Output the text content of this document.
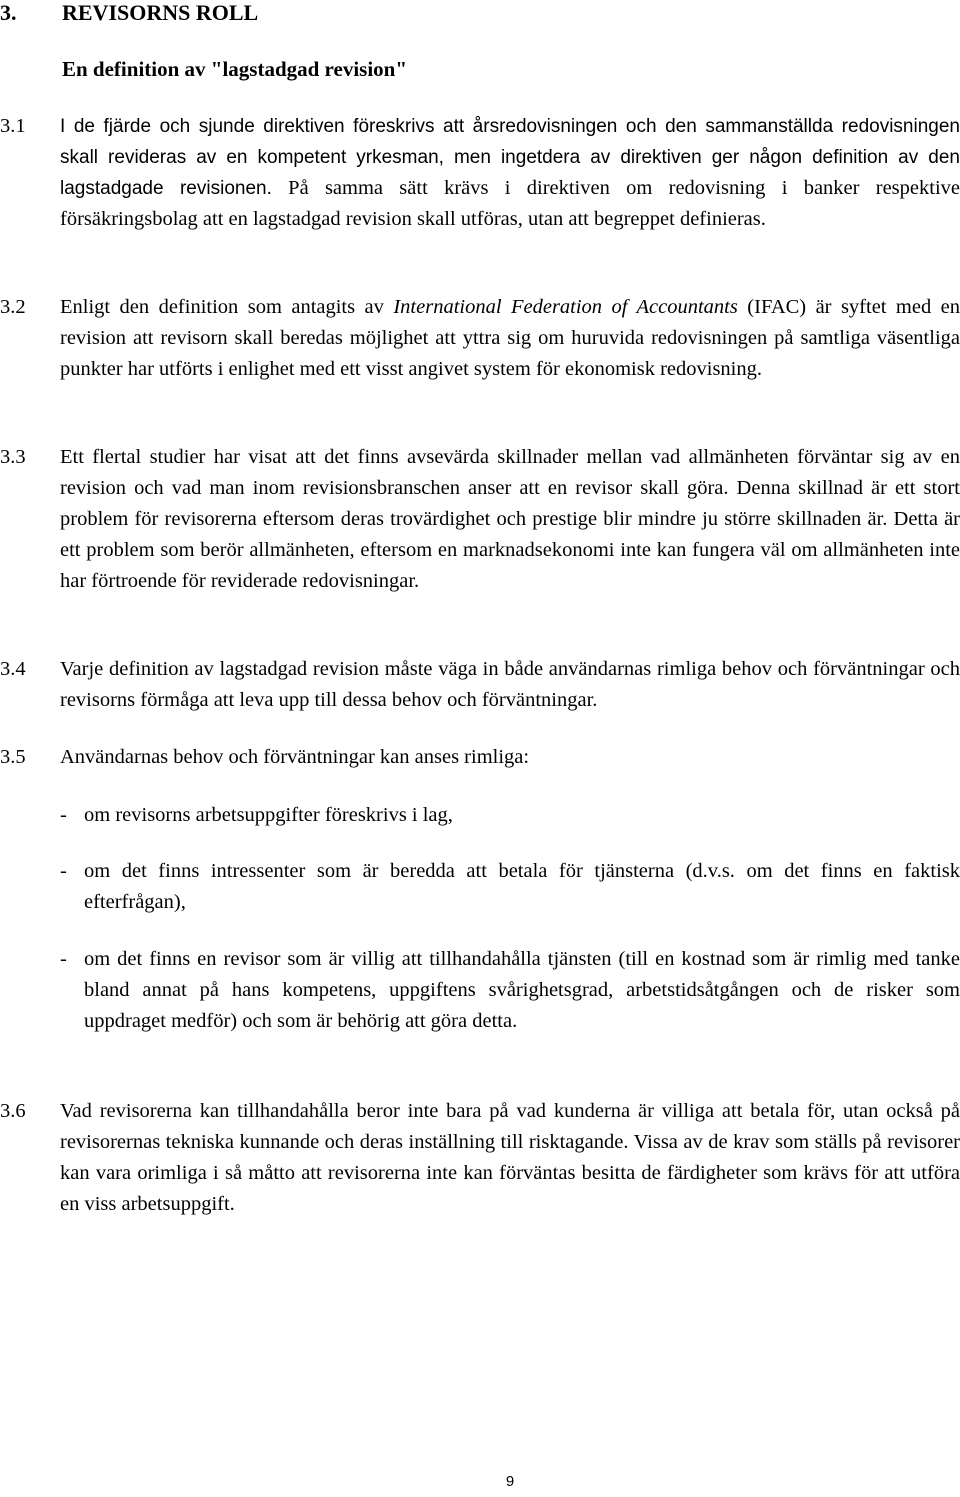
3. REVISORNS ROLL
En definition av "lagstadgad revision"
3.1 I de fjärde och sjunde direktiven föreskrivs att årsredovisningen och den sammanställda redovisningen skall revideras av en kompetent yrkesman, men ingetdera av direktiven ger någon definition av den lagstadgade revisionen. På samma sätt krävs i direktiven om redovisning i banker respektive försäkringsbolag att en lagstadgad revision skall utföras, utan att begreppet definieras.
3.2 Enligt den definition som antagits av International Federation of Accountants (IFAC) är syftet med en revision att revisorn skall beredas möjlighet att yttra sig om huruvida redovisningen på samtliga väsentliga punkter har utförts i enlighet med ett visst angivet system för ekonomisk redovisning.
3.3 Ett flertal studier har visat att det finns avsevärda skillnader mellan vad allmänheten förväntar sig av en revision och vad man inom revisionsbranschen anser att en revisor skall göra. Denna skillnad är ett stort problem för revisorerna eftersom deras trovärdighet och prestige blir mindre ju större skillnaden är. Detta är ett problem som berör allmänheten, eftersom en marknadsekonomi inte kan fungera väl om allmänheten inte har förtroende för reviderade redovisningar.
3.4 Varje definition av lagstadgad revision måste väga in både användarnas rimliga behov och förväntningar och revisorns förmåga att leva upp till dessa behov och förväntningar.
3.5 Användarnas behov och förväntningar kan anses rimliga:
- om revisorns arbetsuppgifter föreskrivs i lag,
- om det finns intressenter som är beredda att betala för tjänsterna (d.v.s. om det finns en faktisk efterfrågan),
- om det finns en revisor som är villig att tillhandahålla tjänsten (till en kostnad som är rimlig med tanke bland annat på hans kompetens, uppgiftens svårighetsgrad, arbetstidsåtgången och de risker som uppdraget medför) och som är behörig att göra detta.
3.6 Vad revisorerna kan tillhandahålla beror inte bara på vad kunderna är villiga att betala för, utan också på revisorernas tekniska kunnande och deras inställning till risktagande. Vissa av de krav som ställs på revisorer kan vara orimliga i så måtto att revisorerna inte kan förväntas besitta de färdigheter som krävs för att utföra en viss arbetsuppgift.
9
